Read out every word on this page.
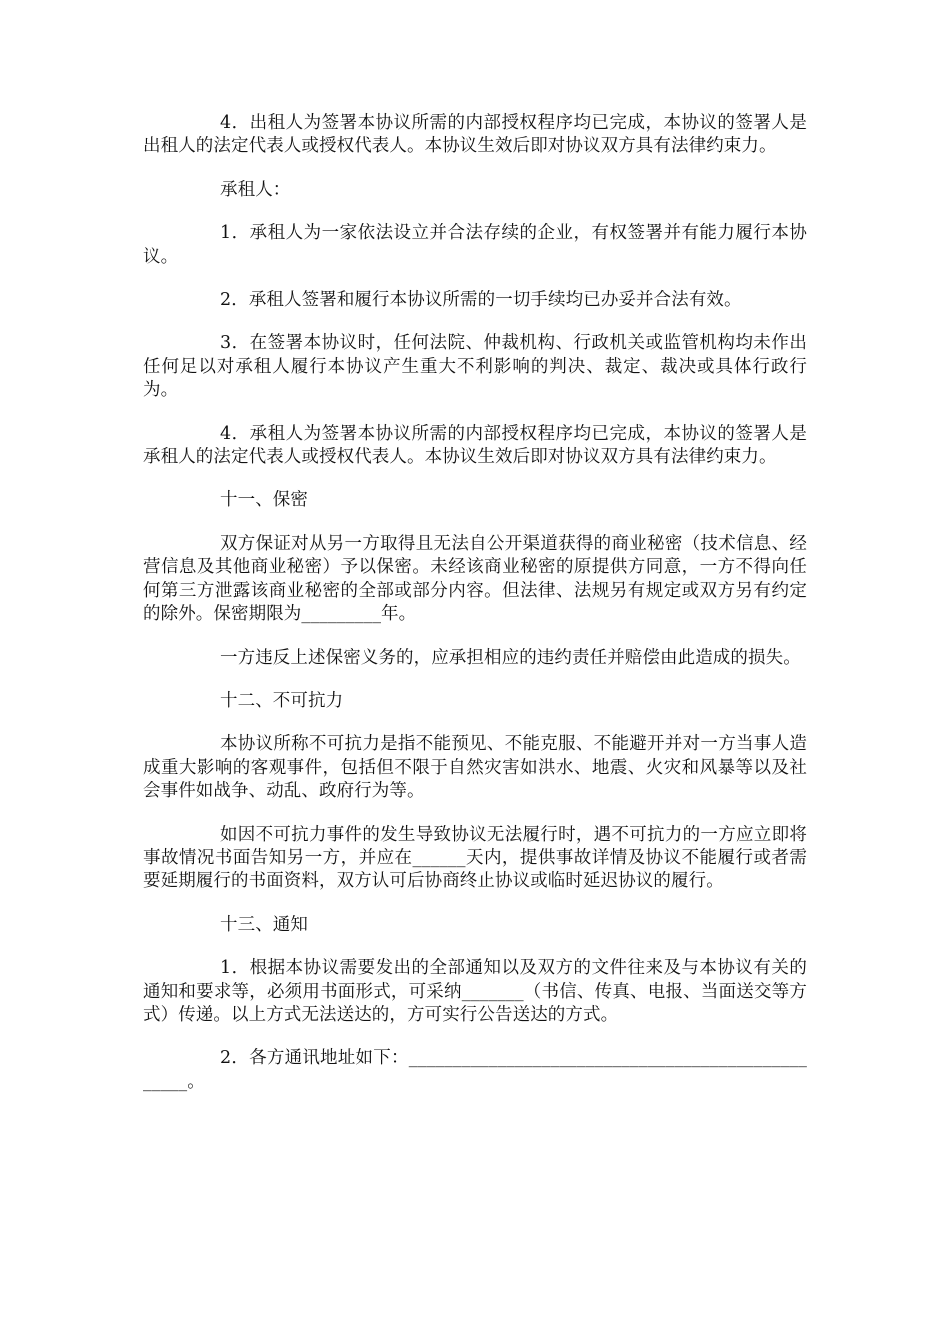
4．出租人为签署本协议所需的内部授权程序均已完成，本协议的签署人是出租人的法定代表人或授权代表人。本协议生效后即对协议双方具有法律约束力。

承租人：

1．承租人为一家依法设立并合法存续的企业，有权签署并有能力履行本协议。

2．承租人签署和履行本协议所需的一切手续均已办妥并合法有效。

3．在签署本协议时，任何法院、仲裁机构、行政机关或监管机构均未作出任何足以对承租人履行本协议产生重大不利影响的判决、裁定、裁决或具体行政行为。

4．承租人为签署本协议所需的内部授权程序均已完成，本协议的签署人是承租人的法定代表人或授权代表人。本协议生效后即对协议双方具有法律约束力。

十一、保密

双方保证对从另一方取得且无法自公开渠道获得的商业秘密（技术信息、经营信息及其他商业秘密）予以保密。未经该商业秘密的原提供方同意，一方不得向任何第三方泄露该商业秘密的全部或部分内容。但法律、法规另有规定或双方另有约定的除外。保密期限为_________年。

一方违反上述保密义务的，应承担相应的违约责任并赔偿由此造成的损失。

十二、不可抗力

本协议所称不可抗力是指不能预见、不能克服、不能避开并对一方当事人造成重大影响的客观事件，包括但不限于自然灾害如洪水、地震、火灾和风暴等以及社会事件如战争、动乱、政府行为等。

如因不可抗力事件的发生导致协议无法履行时，遇不可抗力的一方应立即将事故情况书面告知另一方，并应在______天内，提供事故详情及协议不能履行或者需要延期履行的书面资料，双方认可后协商终止协议或临时延迟协议的履行。

十三、通知

1．根据本协议需要发出的全部通知以及双方的文件往来及与本协议有关的通知和要求等，必须用书面形式，可采纳_______（书信、传真、电报、当面送交等方式）传递。以上方式无法送达的，方可实行公告送达的方式。

2．各方通讯地址如下：__________________________________________________。
